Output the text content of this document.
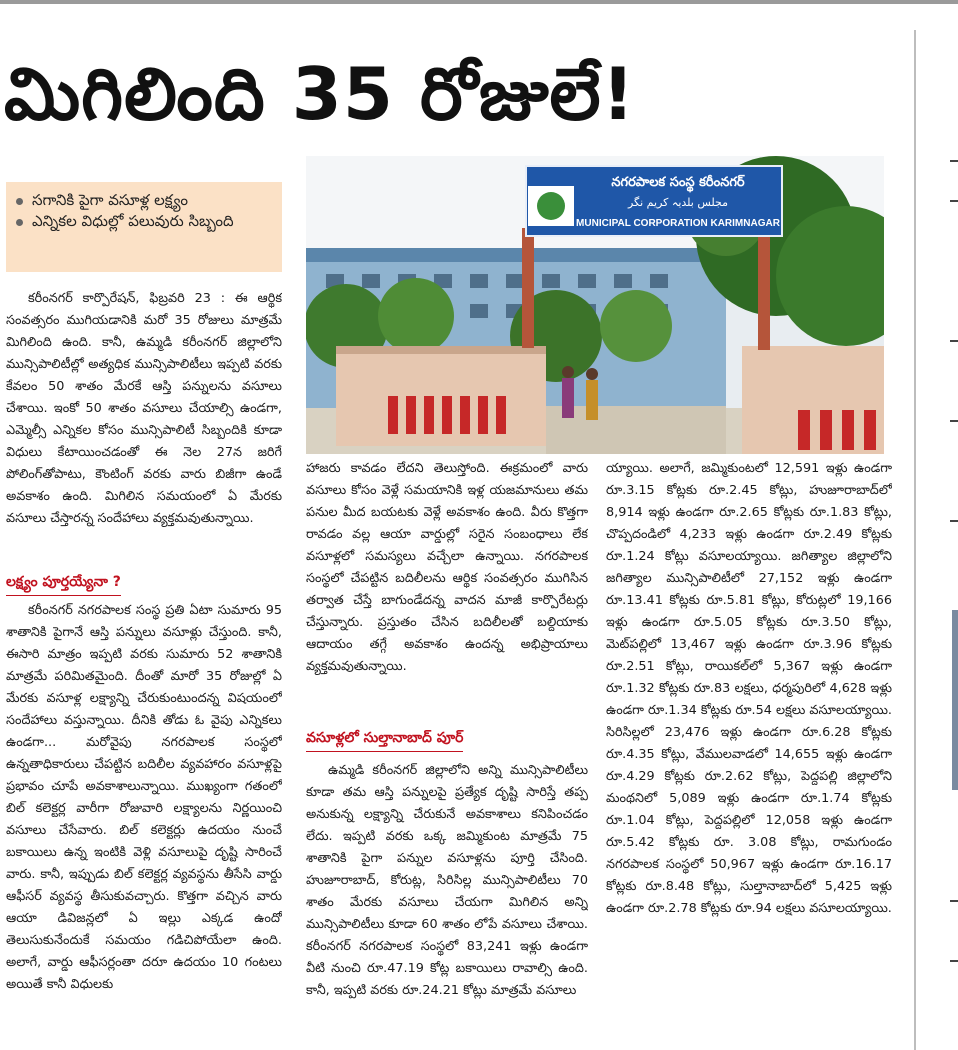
మిగిలింది 35 రోజులే!
సగానికి పైగా వసూళ్ల లక్ష్యం
ఎన్నికల విధుల్లో పలువురు సిబ్బంది
నగరపాలక సంస్థ కరీంనగర్
مجلس بلدیہ کریم نگر
MUNICIPAL CORPORATION KARIMNAGAR

కరీంనగర్ కార్పొరేషన్, ఫిబ్రవరి 23 : ఈ ఆర్థిక సంవత్సరం ముగియడానికి మరో 35 రోజులు మాత్రమే మిగిలింది ఉంది. కానీ, ఉమ్మడి కరీంనగర్ జిల్లాలోని మున్సిపాలిటీల్లో అత్యధిక మున్సిపాలిటీలు ఇప్పటి వరకు కేవలం 50 శాతం మేరకే ఆస్తి పన్నులను వసూలు చేశాయి. ఇంకో 50 శాతం వసూలు చేయాల్సి ఉండగా, ఎమ్మెల్సీ ఎన్నికల కోసం మున్సిపాలిటీ సిబ్బందికి కూడా విధులు కేటాయించడంతో ఈ నెల 27న జరిగే పోలింగ్‌తోపాటు, కౌంటింగ్ వరకు వారు బిజీగా ఉండే అవకాశం ఉంది. మిగిలిన సమయంలో ఏ మేరకు వసూలు చేస్తారన్న సందేహాలు వ్యక్తమవుతున్నాయి.

లక్ష్యం పూర్తయ్యేనా ?

కరీంనగర్ నగరపాలక సంస్థ ప్రతి ఏటా సుమారు 95 శాతానికి పైగానే ఆస్తి పన్నులు వసూళ్లు చేస్తుంది. కానీ, ఈసారి మాత్రం ఇప్పటి వరకు సుమారు 52 శాతానికి మాత్రమే పరిమితమైంది. దీంతో మారో 35 రోజుల్లో ఏ మేరకు వసూళ్ల లక్ష్యాన్ని చేరుకుంటుందన్న విషయంలో సందేహాలు వస్తున్నాయి. దీనికి తోడు ఓ వైపు ఎన్నికలు ఉండగా... మరోవైపు నగరపాలక సంస్థలో ఉన్నతాధికారులు చేపట్టిన బదిలీల వ్యవహారం వసూళ్లపై ప్రభావం చూపే అవకాశాలున్నాయి. ముఖ్యంగా గతంలో బిల్ కలెక్టర్ల వారీగా రోజువారి లక్ష్యాలను నిర్ణయించి వసూలు చేసేవారు. బిల్ కలెక్టర్లు ఉదయం నుంచే బకాయిలు ఉన్న ఇంటికి వెళ్లి వసూలుపై దృష్టి సారించే వారు. కానీ, ఇప్పుడు బిల్ కలెక్టర్ల వ్యవస్థను తీసేసి వార్డు ఆఫీసర్ వ్యవస్థ తీసుకువచ్చారు. కొత్తగా వచ్చిన వారు ఆయా డివిజన్లలో ఏ ఇల్లు ఎక్కడ ఉందో తెలుసుకునేందుకే సమయం గడిచిపోయేలా ఉంది. అలాగే, వార్డు ఆఫీసర్లంతా దరూ ఉదయం 10 గంటలు అయితే కానీ విధులకు

హాజరు కావడం లేదని తెలుస్తోంది. ఈక్రమంలో వారు వసూలు కోసం వెళ్లే సమయానికి ఇళ్ల యజమానులు తమ పనుల మీద బయటకు వెళ్లే అవకాశం ఉంది. వీరు కొత్తగా రావడం వల్ల ఆయా వార్డుల్లో సరైన సంబంధాలు లేక వసూళ్లలో సమస్యలు వచ్చేలా ఉన్నాయి. నగరపాలక సంస్థలో చేపట్టిన బదిలీలను ఆర్థిక సంవత్సరం ముగిసిన తర్వాత చేస్తే బాగుండేదన్న వాదన మాజీ కార్పొరేటర్లు చేస్తున్నారు. ప్రస్తుతం చేసిన బదిలీలతో బల్దియాకు ఆదాయం తగ్గే అవకాశం ఉందన్న అభిప్రాయాలు వ్యక్తమవుతున్నాయి.

వసూళ్లలో సుల్తానాబాద్ పూర్

ఉమ్మడి కరీంనగర్ జిల్లాలోని అన్ని మున్సిపాలిటీలు కూడా తమ ఆస్తి పన్నులపై ప్రత్యేక దృష్టి సారిస్తే తప్ప అనుకున్న లక్ష్యాన్ని చేరుకునే అవకాశాలు కనిపించడం లేదు. ఇప్పటి వరకు ఒక్క జమ్మికుంట మాత్రమే 75 శాతానికి పైగా పన్నుల వసూళ్లను పూర్తి చేసింది. హుజూరాబాద్, కోరుట్ల, సిరిసిల్ల మున్సిపాలిటీలు 70 శాతం మేరకు వసూలు చేయగా మిగిలిన అన్ని మున్సిపాలిటీలు కూడా 60 శాతం లోపే వసూలు చేశాయి. కరీంనగర్ నగరపాలక సంస్థలో 83,241 ఇళ్లు ఉండగా వీటి నుంచి రూ.47.19 కోట్ల బకాయిలు రావాల్సి ఉంది. కానీ, ఇప్పటి వరకు రూ.24.21 కోట్లు మాత్రమే వసూలు

య్యాయి. అలాగే, జమ్మికుంటలో 12,591 ఇళ్లు ఉండగా రూ.3.15 కోట్లకు రూ.2.45 కోట్లు, హుజూరాబాద్‌లో 8,914 ఇళ్లు ఉండగా రూ.2.65 కోట్లకు రూ.1.83 కోట్లు, చొప్పదండిలో 4,233 ఇళ్లు ఉండగా రూ.2.49 కోట్లకు రూ.1.24 కోట్లు వసూలయ్యాయి. జగిత్యాల జిల్లాలోని జగిత్యాల మున్సిపాలిటీలో 27,152 ఇళ్లు ఉండగా రూ.13.41 కోట్లకు రూ.5.81 కోట్లు, కోరుట్లలో 19,166 ఇళ్లు ఉండగా రూ.5.05 కోట్లకు రూ.3.50 కోట్లు, మెట్‌పల్లిలో 13,467 ఇళ్లు ఉండగా రూ.3.96 కోట్లకు రూ.2.51 కోట్లు, రాయికల్‌లో 5,367 ఇళ్లు ఉండగా రూ.1.32 కోట్లకు రూ.83 లక్షలు, ధర్మపురిలో 4,628 ఇళ్లు ఉండగా రూ.1.34 కోట్లకు రూ.54 లక్షలు వసూలయ్యాయి. సిరిసిల్లలో 23,476 ఇళ్లు ఉండగా రూ.6.28 కోట్లకు రూ.4.35 కోట్లు, వేములవాడలో 14,655 ఇళ్లు ఉండగా రూ.4.29 కోట్లకు రూ.2.62 కోట్లు, పెద్దపల్లి జిల్లాలోని మంథనిలో 5,089 ఇళ్లు ఉండగా రూ.1.74 కోట్లకు రూ.1.04 కోట్లు, పెద్దపల్లిలో 12,058 ఇళ్లు ఉండగా రూ.5.42 కోట్లకు రూ. 3.08 కోట్లు, రామగుండం నగరపాలక సంస్థలో 50,967 ఇళ్లు ఉండగా రూ.16.17 కోట్లకు రూ.8.48 కోట్లు, సుల్తానాబాద్‌లో 5,425 ఇళ్లు ఉండగా రూ.2.78 కోట్లకు రూ.94 లక్షలు వసూలయ్యాయి.
